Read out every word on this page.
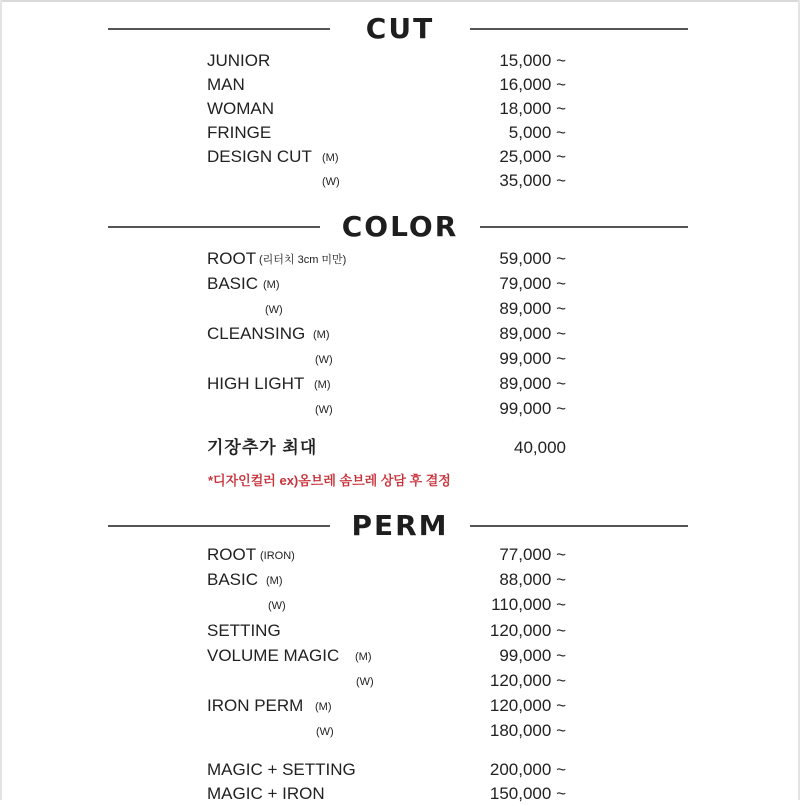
CUT
JUNIOR	15,000 ~
MAN	16,000 ~
WOMAN	18,000 ~
FRINGE	5,000 ~
DESIGN CUT (M)	25,000 ~
(W)	35,000 ~
COLOR
ROOT (리터치 3cm 미만)	59,000 ~
BASIC (M)	79,000 ~
(W)	89,000 ~
CLEANSING (M)	89,000 ~
(W)	99,000 ~
HIGH LIGHT (M)	89,000 ~
(W)	99,000 ~
기장추가 최대	40,000
*디자인컬러 ex)옴브레 솜브레 상담 후 결정
PERM
ROOT (IRON)	77,000 ~
BASIC (M)	88,000 ~
(W)	110,000 ~
SETTING	120,000 ~
VOLUME MAGIC (M)	99,000 ~
(W)	120,000 ~
IRON PERM (M)	120,000 ~
(W)	180,000 ~
MAGIC + SETTING	200,000 ~
MAGIC + IRON	150,000 ~
